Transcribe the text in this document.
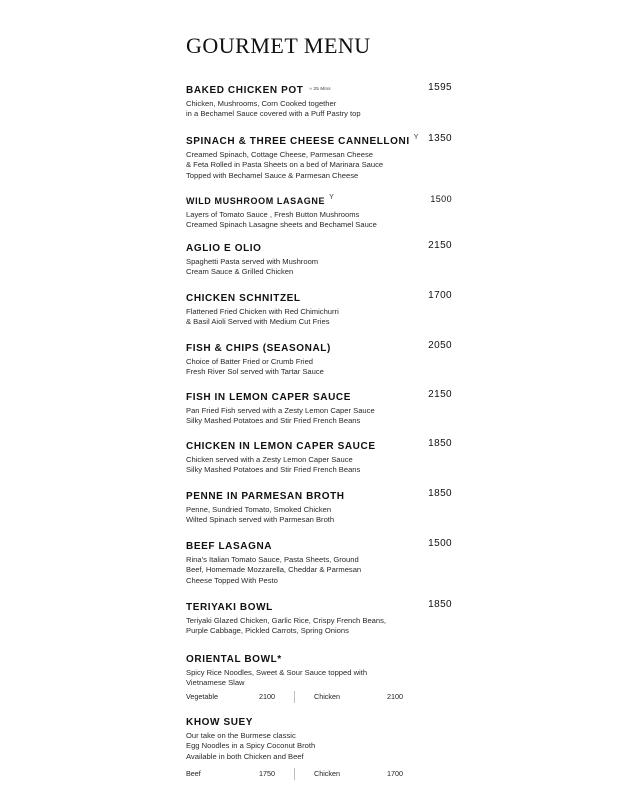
GOURMET MENU
BAKED CHICKEN POT ≈ 25 Mins	1595
Chicken, Mushrooms, Corn Cooked together
in a Bechamel Sauce covered with a Puff Pastry top
SPINACH & THREE CHEESE CANNELLONI $^Y$ 1350
Creamed Spinach, Cottage Cheese, Parmesan Cheese
& Feta Rolled in Pasta Sheets on a bed of Marinara Sauce
Topped with Bechamel Sauce & Parmesan Cheese
WILD MUSHROOM LASAGNE $^Y$	1500
Layers of Tomato Sauce , Fresh Button Mushrooms
Creamed Spinach Lasagne sheets and Bechamel Sauce
AGLIO E OLIO	2150
Spaghetti Pasta served with Mushroom
Cream Sauce & Grilled Chicken
CHICKEN SCHNITZEL	1700
Flattened Fried Chicken with Red Chimichurri
& Basil Aioli Served with Medium Cut Fries
FISH & CHIPS (SEASONAL)	2050
Choice of Batter Fried or Crumb Fried
Fresh River Sol served with Tartar Sauce
FISH IN LEMON CAPER SAUCE	2150
Pan Fried Fish served with a Zesty Lemon Caper Sauce
Silky Mashed Potatoes and Stir Fried French Beans
CHICKEN IN LEMON CAPER SAUCE	1850
Chicken served with a Zesty Lemon Caper Sauce
Silky Mashed Potatoes and Stir Fried French Beans
PENNE IN PARMESAN BROTH	1850
Penne, Sundried Tomato, Smoked Chicken
Wilted Spinach served with Parmesan Broth
BEEF LASAGNA	1500
Rina's Italian Tomato Sauce, Pasta Sheets, Ground
Beef, Homemade Mozzarella, Cheddar & Parmesan
Cheese Topped With Pesto
TERIYAKI BOWL	1850
Teriyaki Glazed Chicken, Garlic Rice, Crispy French Beans,
Purple Cabbage, Pickled Carrots, Spring Onions
ORIENTAL BOWL*
Spicy Rice Noodles, Sweet & Sour Sauce topped with
Vietnamese Slaw
Vegetable	2100	Chicken	2100
KHOW SUEY
Our take on the Burmese classic
Egg Noodles in a Spicy Coconut Broth
Available in both Chicken and Beef
Beef	1750	Chicken	1700
